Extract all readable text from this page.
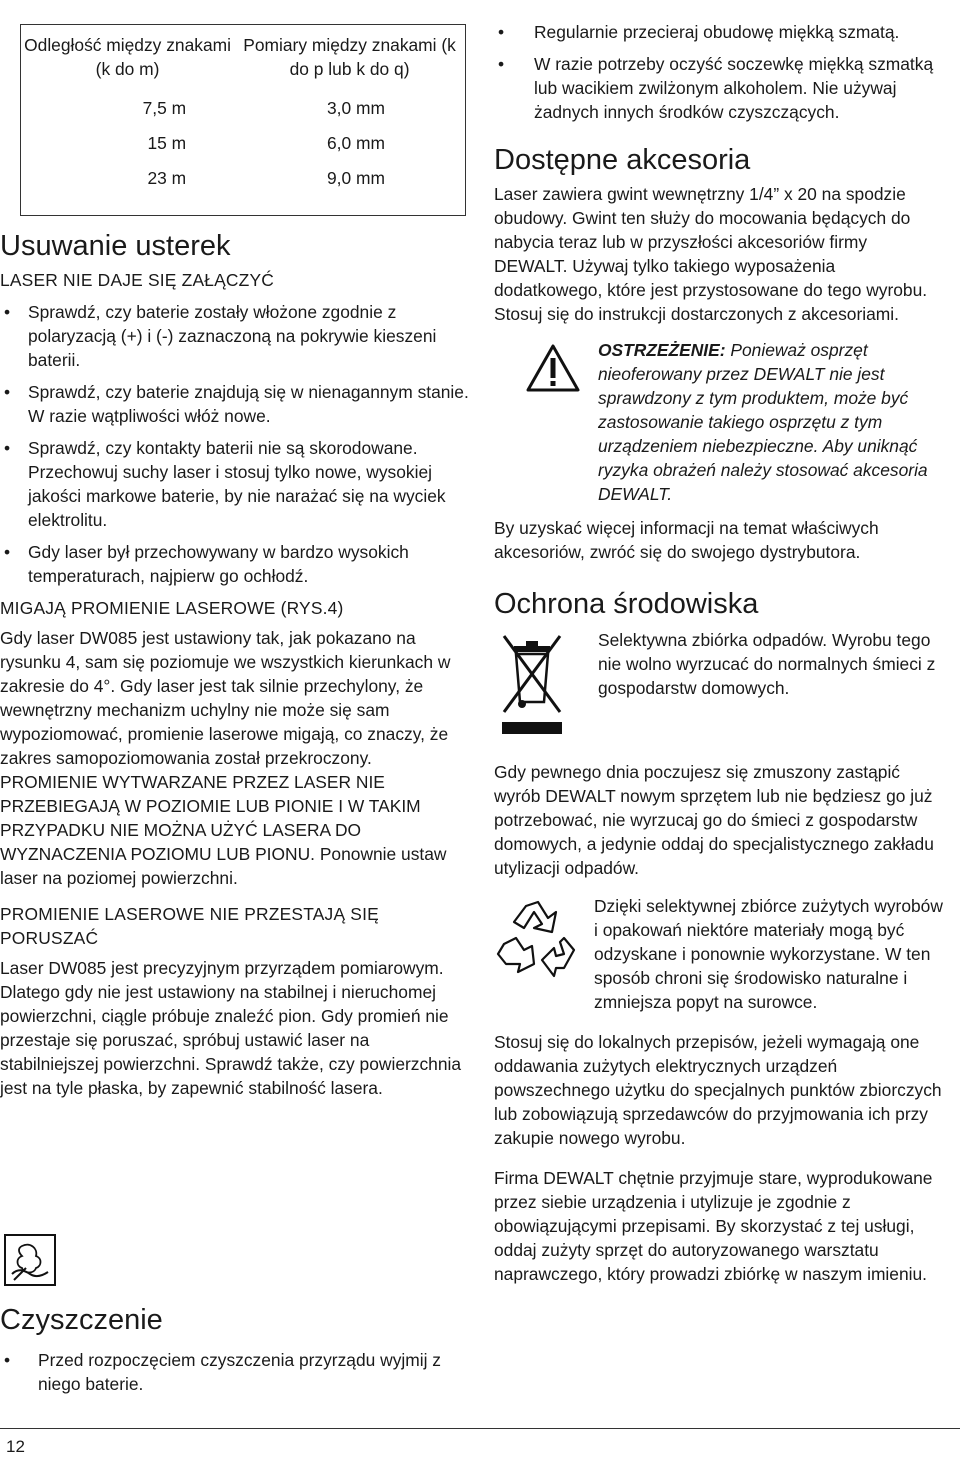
Odległość między znakami (k do m)	Pomiary między znakami (k do p lub k do q)
7,5 m	3,0 mm
15 m	6,0 mm
23 m	9,0 mm
Usuwanie usterek
LASER NIE DAJE SIĘ ZAŁĄCZYĆ
• Sprawdź, czy baterie zostały włożone zgodnie z polaryzacją (+) i (-) zaznaczoną na pokrywie kieszeni baterii.
• Sprawdź, czy baterie znajdują się w nienagannym stanie. W razie wątpliwości włóż nowe.
• Sprawdź, czy kontakty baterii nie są skorodowane. Przechowuj suchy laser i stosuj tylko nowe, wysokiej jakości markowe baterie, by nie narażać się na wyciek elektrolitu.
• Gdy laser był przechowywany w bardzo wysokich temperaturach, najpierw go ochłodź.
MIGAJĄ PROMIENIE LASEROWE (RYS.4)

Gdy laser DW085 jest ustawiony tak, jak pokazano na rysunku 4, sam się poziomuje we wszystkich kierunkach w zakresie do 4°. Gdy laser jest tak silnie przechylony, że wewnętrzny mechanizm uchylny nie może się sam wypoziomować, promienie laserowe migają, co znaczy, że zakres samopoziomowania został przekroczony. PROMIENIE WYTWARZANE PRZEZ LASER NIE PRZEBIEGAJĄ W POZIOMIE LUB PIONIE I W TAKIM PRZYPADKU NIE MOŻNA UŻYĆ LASERA DO WYZNACZENIA POZIOMU LUB PIONU. Ponownie ustaw laser na poziomej powierzchni.

PROMIENIE LASEROWE NIE PRZESTAJĄ SIĘ PORUSZAĆ

Laser DW085 jest precyzyjnym przyrządem pomiarowym. Dlatego gdy nie jest ustawiony na stabilnej i nieruchomej powierzchni, ciągle próbuje znaleźć pion. Gdy promień nie przestaje się poruszać, spróbuj ustawić laser na stabilniejszej powierzchni. Sprawdź także, czy powierzchnia jest na tyle płaska, by zapewnić stabilność lasera.

Czyszczenie
• Przed rozpoczęciem czyszczenia przyrządu wyjmij z niego baterie.
• Regularnie przecieraj obudowę miękką szmatą.
• W razie potrzeby oczyść soczewkę miękką szmatką lub wacikiem zwilżonym alkoholem. Nie używaj żadnych innych środków czyszczących.
Dostępne akcesoria

Laser zawiera gwint wewnętrzny 1/4” x 20 na spodzie obudowy. Gwint ten służy do mocowania będących do nabycia teraz lub w przyszłości akcesoriów firmy DEWALT. Używaj tylko takiego wyposażenia dodatkowego, które jest przystosowane do tego wyrobu. Stosuj się do instrukcji dostarczonych z akcesoriami.

OSTRZEŻENIE: Ponieważ osprzęt nieoferowany przez DEWALT nie jest sprawdzony z tym produktem, może być zastosowanie takiego osprzętu z tym urządzeniem niebezpieczne. Aby uniknąć ryzyka obrażeń należy stosować akcesoria DEWALT.

By uzyskać więcej informacji na temat właściwych akcesoriów, zwróć się do swojego dystrybutora.

Ochrona środowiska

Selektywna zbiórka odpadów. Wyrobu tego nie wolno wyrzucać do normalnych śmieci z gospodarstw domowych.

Gdy pewnego dnia poczujesz się zmuszony zastąpić wyrób DEWALT nowym sprzętem lub nie będziesz go już potrzebować, nie wyrzucaj go do śmieci z gospodarstw domowych, a jedynie oddaj do specjalistycznego zakładu utylizacji odpadów.

Dzięki selektywnej zbiórce zużytych wyrobów i opakowań niektóre materiały mogą być odzyskane i ponownie wykorzystane. W ten sposób chroni się środowisko naturalne i zmniejsza popyt na surowce.

Stosuj się do lokalnych przepisów, jeżeli wymagają one oddawania zużytych elektrycznych urządzeń powszechnego użytku do specjalnych punktów zbiorczych lub zobowiązują sprzedawców do przyjmowania ich przy zakupie nowego wyrobu.

Firma DEWALT chętnie przyjmuje stare, wyprodukowane przez siebie urządzenia i utylizuje je zgodnie z obowiązującymi przepisami. By skorzystać z tej usługi, oddaj zużyty sprzęt do autoryzowanego warsztatu naprawczego, który prowadzi zbiórkę w naszym imieniu.

12
